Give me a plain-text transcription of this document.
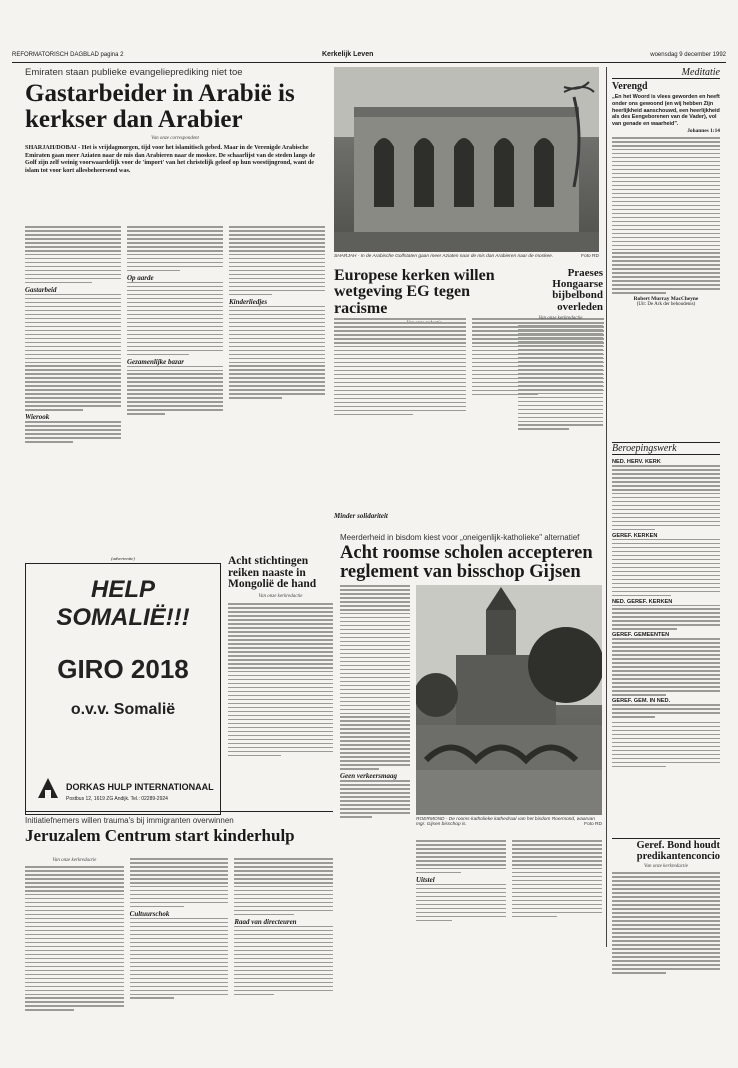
REFORMATORISCH DAGBLAD pagina 2	Kerkelijk Leven	woensdag 9 december 1992
Emiraten staan publieke evangelieprediking niet toe
Gastarbeider in Arabië is kerkser dan Arabier
Van onze correspondent
SHARJAH/DOBAI - Het is vrijdagmorgen, tijd voor het islamitisch gebed. Maar in de Verenigde Arabische Emiraten gaan meer Aziaten naar de mis dan Arabieren naar de moskee. De schaarlijst van de steden langs de Golf zijn zelf weinig voorwaardelijk voor de 'import' van het christelijk geloof op hun woestijngrond, want de islam tot voor kort allesbeheersend was.
Gastarbeid
Wierook
Op aarde
Gezamenlijke bazar
Kinderliedjes
SHARJAH - In de Arabische Golfstaten gaan meer Aziaten naar de mis dan Arabieren naar de moskee.	Foto RD
Europese kerken willen wetgeving EG tegen racisme
Minder solidariteit
Praeses Hongaarse bijbelbond overleden
Van onze kerkredactie
Meditatie
Verengd
„En het Woord is vlees geworden en heeft onder ons gewoond (en wij hebben Zijn heerlijkheid aanschouwd, een heerlijkheid als des Eengeborenen van de Vader), vol van genade en waarheid".
Johannes 1:14
Robert Murray MacCheyne
(Uit: De Ark der behoudenis)
Beroepingswerk
NED. HERV. KERK
GEREF. KERKEN
NED. GEREF. KERKEN
GEREF. GEMEENTEN
GEREF. GEM. IN NED.
Geref. Bond houdt predikantenconcio
Van onze kerkredactie
(advertentie)
HELP
SOMALIË!!!
GIRO 2018
o.v.v. Somalië
DORKAS HULP INTERNATIONAAL
Postbus 12, 1619 ZG Andijk. Tel.: 02289-2924
Acht stichtingen reiken naaste in Mongolië de hand
Van onze kerkredactie
Meerderheid in bisdom kiest voor „oneigenlijk-katholieke" alternatief
Acht roomse scholen accepteren reglement van bisschop Gijsen
Geen verkeersmaag
ROERMOND - De rooms-katholieke kathedraal van het bisdom Roermond, waarvan mgr. Gijsen bisschop is.	Foto RD
Uitstel
Initiatiefnemers willen trauma's bij immigranten overwinnen
Jeruzalem Centrum start kinderhulp
Van onze kerkredactie
Cultuurschok
Raad van directeuren
